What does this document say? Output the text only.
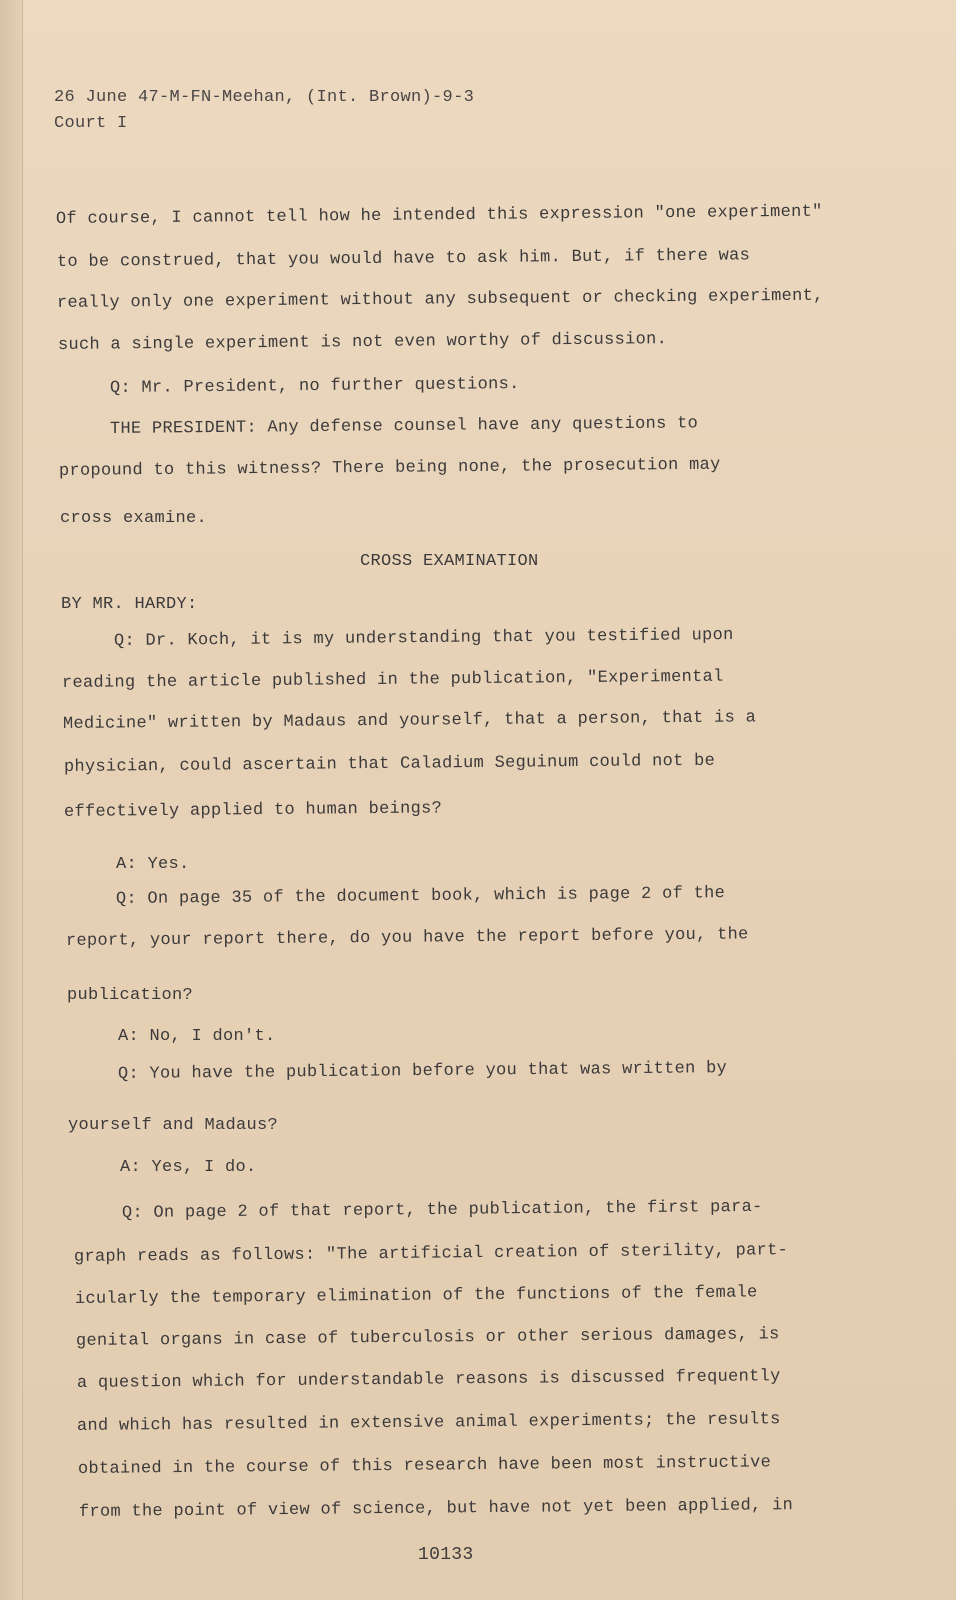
26 June 47-M-FN-Meehan, (Int. Brown)-9-3
Court I
Of course, I cannot tell how he intended this expression "one experiment"
to be construed, that you would have to ask him. But, if there was
really only one experiment without any subsequent or checking experiment,
such a single experiment is not even worthy of discussion.
Q: Mr. President, no further questions.
THE PRESIDENT: Any defense counsel have any questions to
propound to this witness? There being none, the prosecution may
cross examine.
CROSS EXAMINATION
BY MR. HARDY:
Q: Dr. Koch, it is my understanding that you testified upon
reading the article published in the publication, "Experimental
Medicine" written by Madaus and yourself, that a person, that is a
physician, could ascertain that Caladium Seguinum could not be
effectively applied to human beings?
A: Yes.
Q: On page 35 of the document book, which is page 2 of the
report, your report there, do you have the report before you, the
publication?
A: No, I don't.
Q: You have the publication before you that was written by
yourself and Madaus?
A: Yes, I do.
Q: On page 2 of that report, the publication, the first para-
graph reads as follows: "The artificial creation of sterility, part-
icularly the temporary elimination of the functions of the female
genital organs in case of tuberculosis or other serious damages, is
a question which for understandable reasons is discussed frequently
and which has resulted in extensive animal experiments; the results
obtained in the course of this research have been most instructive
from the point of view of science, but have not yet been applied, in
10133
